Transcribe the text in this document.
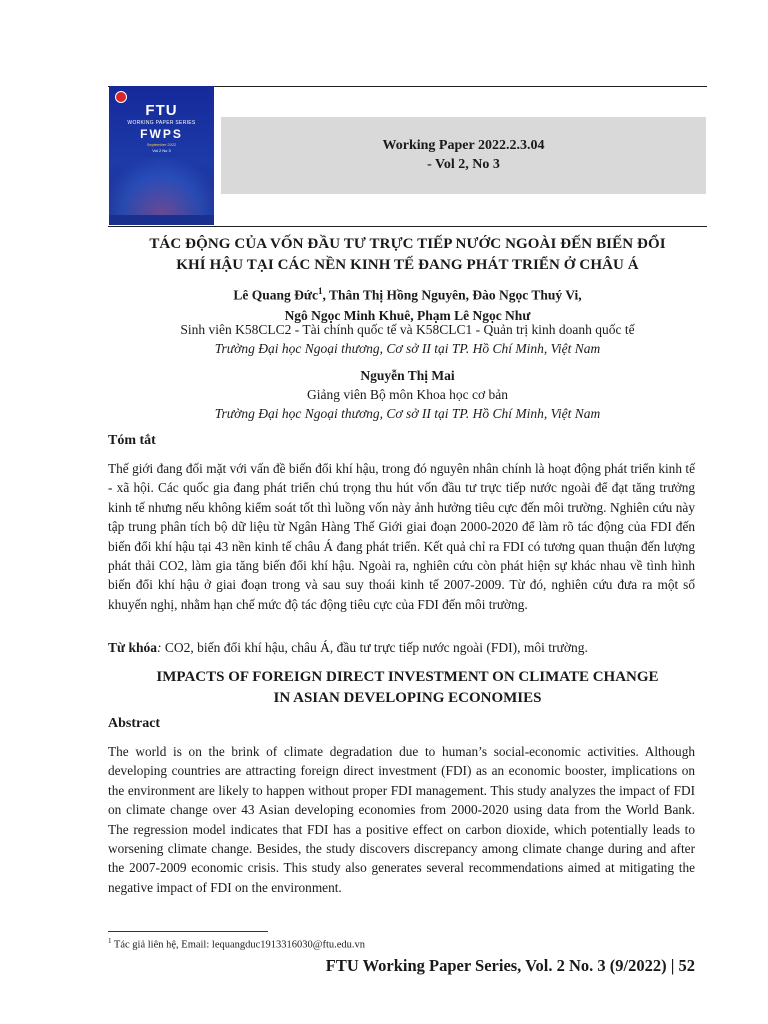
FTU
WORKING PAPER SERIES
FWPS
September 2022
Vol 2 No 3	Working Paper 2022.2.3.04
- Vol 2, No 3
TÁC ĐỘNG CỦA VỐN ĐẦU TƯ TRỰC TIẾP NƯỚC NGOÀI ĐẾN BIẾN ĐỔI
KHÍ HẬU TẠI CÁC NỀN KINH TẾ ĐANG PHÁT TRIỂN Ở CHÂU Á
Lê Quang Đức$^1$, Thân Thị Hồng Nguyên, Đào Ngọc Thuý Vi,
Ngô Ngọc Minh Khuê, Phạm Lê Ngọc Như
Sinh viên K58CLC2 - Tài chính quốc tế và K58CLC1 - Quản trị kinh doanh quốc tế
Trường Đại học Ngoại thương, Cơ sở II tại TP. Hồ Chí Minh, Việt Nam
Nguyễn Thị Mai
Giảng viên Bộ môn Khoa học cơ bản
Trường Đại học Ngoại thương, Cơ sở II tại TP. Hồ Chí Minh, Việt Nam
Tóm tắt
Thế giới đang đối mặt với vấn đề biến đổi khí hậu, trong đó nguyên nhân chính là hoạt động phát triển kinh tế - xã hội. Các quốc gia đang phát triển chú trọng thu hút vốn đầu tư trực tiếp nước ngoài để đạt tăng trưởng kinh tế nhưng nếu không kiểm soát tốt thì luồng vốn này ảnh hưởng tiêu cực đến môi trường. Nghiên cứu này tập trung phân tích bộ dữ liệu từ Ngân Hàng Thế Giới giai đoạn 2000-2020 để làm rõ tác động của FDI đến biến đổi khí hậu tại 43 nền kinh tế châu Á đang phát triển. Kết quả chỉ ra FDI có tương quan thuận đến lượng phát thải CO2, làm gia tăng biến đổi khí hậu. Ngoài ra, nghiên cứu còn phát hiện sự khác nhau về tình hình biến đổi khí hậu ở giai đoạn trong và sau suy thoái kinh tế 2007-2009. Từ đó, nghiên cứu đưa ra một số khuyến nghị, nhằm hạn chế mức độ tác động tiêu cực của FDI đến môi trường.
Từ khóa: CO2, biến đổi khí hậu, châu Á, đầu tư trực tiếp nước ngoài (FDI), môi trường.
IMPACTS OF FOREIGN DIRECT INVESTMENT ON CLIMATE CHANGE
IN ASIAN DEVELOPING ECONOMIES
Abstract
The world is on the brink of climate degradation due to human’s social-economic activities. Although developing countries are attracting foreign direct investment (FDI) as an economic booster, implications on the environment are likely to happen without proper FDI management. This study analyzes the impact of FDI on climate change over 43 Asian developing economies from 2000-2020 using data from the World Bank. The regression model indicates that FDI has a positive effect on carbon dioxide, which potentially leads to worsening climate change. Besides, the study discovers discrepancy among climate change during and after the 2007-2009 economic crisis. This study also generates several recommendations aimed at mitigating the negative impact of FDI on the environment.
$^1$ Tác giả liên hệ, Email: lequangduc1913316030@ftu.edu.vn
FTU Working Paper Series, Vol. 2 No. 3 (9/2022) | 52
